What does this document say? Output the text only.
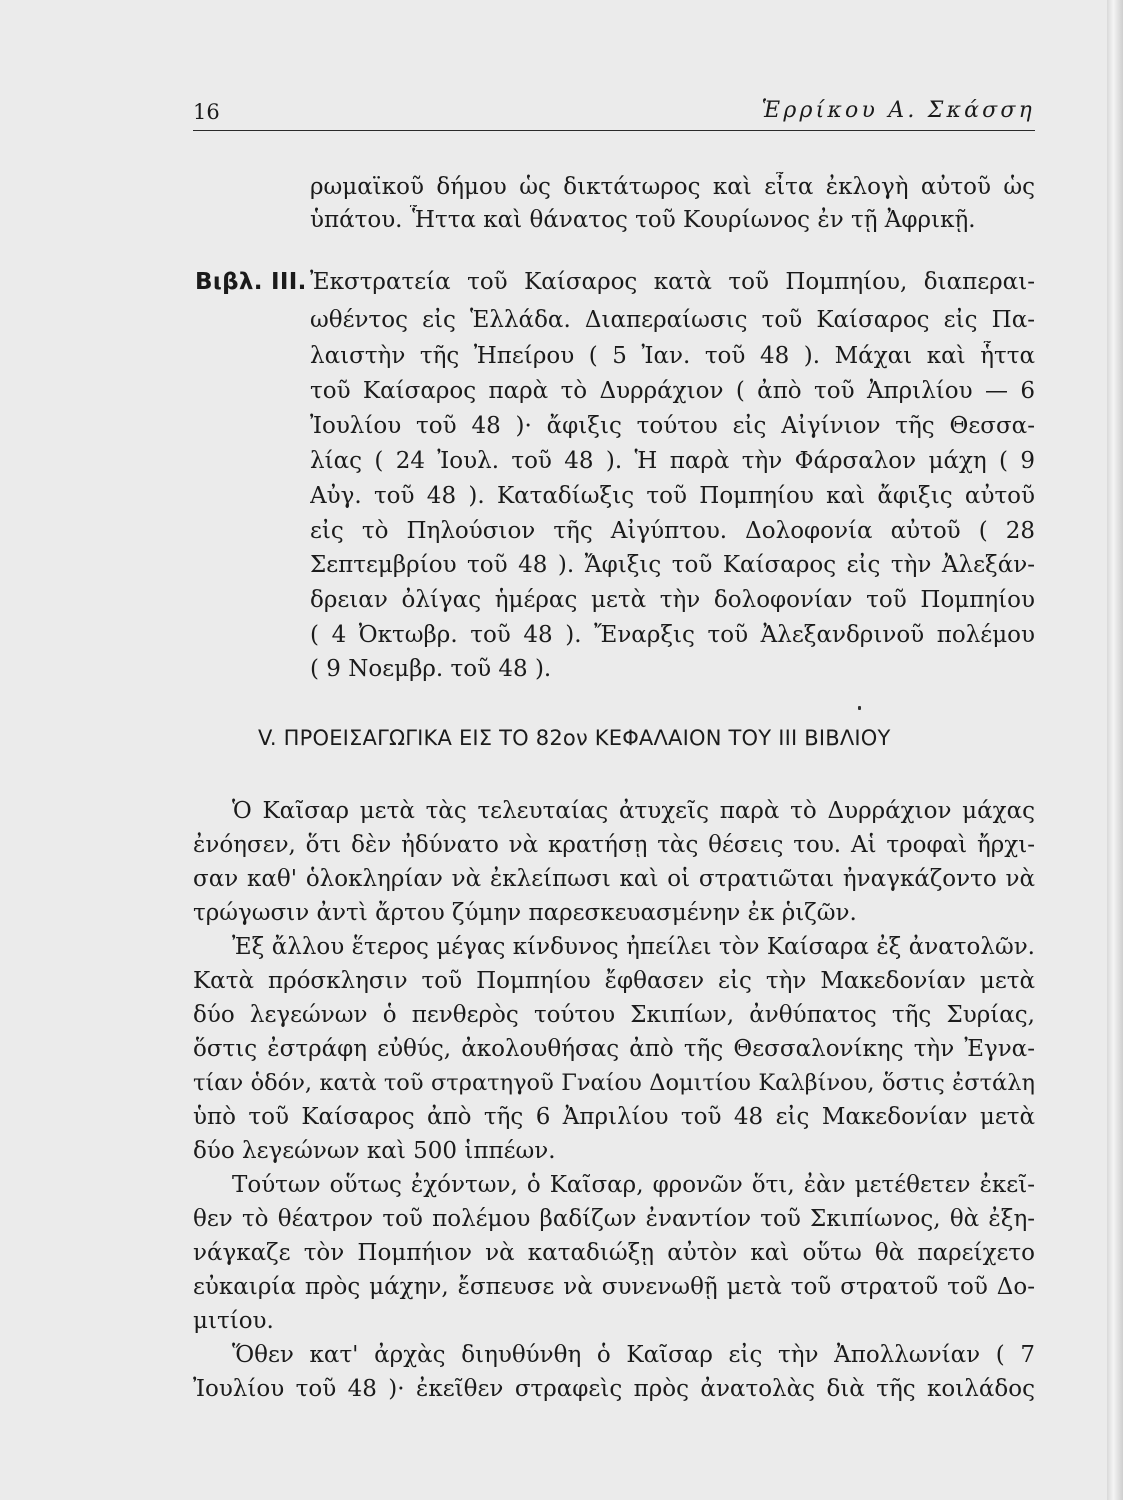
16	Ἑρρίκου Α. Σκάσση
ρωμαϊκοῦ δήμου ὡς δικτάτωρος καὶ εἶτα ἐκλογὴ αὐτοῦ ὡς
ὑπάτου. Ἧττα καὶ θάνατος τοῦ Κουρίωνος ἐν τῇ Ἀφρικῇ.
Βιβλ. III. Ἐκστρατεία τοῦ Καίσαρος κατὰ τοῦ Πομπηίου, διαπεραι-
ωθέντος εἰς Ἑλλάδα. Διαπεραίωσις τοῦ Καίσαρος εἰς Πα-
λαιστὴν τῆς Ἠπείρου ( 5 Ἰαν. τοῦ 48 ). Μάχαι καὶ ἧττα
τοῦ Καίσαρος παρὰ τὸ Δυρράχιον ( ἀπὸ τοῦ Ἀπριλίου — 6
Ἰουλίου τοῦ 48 )· ἄφιξις τούτου εἰς Αἰγίνιον τῆς Θεσσα-
λίας ( 24 Ἰουλ. τοῦ 48 ). Ἡ παρὰ τὴν Φάρσαλον μάχη ( 9
Αὐγ. τοῦ 48 ). Καταδίωξις τοῦ Πομπηίου καὶ ἄφιξις αὐτοῦ
εἰς τὸ Πηλούσιον τῆς Αἰγύπτου. Δολοφονία αὐτοῦ ( 28
Σεπτεμβρίου τοῦ 48 ). Ἄφιξις τοῦ Καίσαρος εἰς τὴν Ἀλεξάν-
δρειαν ὀλίγας ἡμέρας μετὰ τὴν δολοφονίαν τοῦ Πομπηίου
( 4 Ὀκτωβρ. τοῦ 48 ). Ἔναρξις τοῦ Ἀλεξανδρινοῦ πολέμου
( 9 Νοεμβρ. τοῦ 48 ).
V. ΠΡΟΕΙΣΑΓΩΓΙΚΑ ΕΙΣ ΤΟ 82ον ΚΕΦΑΛΑΙΟΝ ΤΟΥ III ΒΙΒΛΙΟΥ
Ὁ Καῖσαρ μετὰ τὰς τελευταίας ἀτυχεῖς παρὰ τὸ Δυρράχιον μάχας
ἐνόησεν, ὅτι δὲν ἠδύνατο νὰ κρατήσῃ τὰς θέσεις του. Αἱ τροφαὶ ἤρχι-
σαν καθ' ὁλοκληρίαν νὰ ἐκλείπωσι καὶ οἱ στρατιῶται ἠναγκάζοντο νὰ
τρώγωσιν ἀντὶ ἄρτου ζύμην παρεσκευασμένην ἐκ ῥιζῶν.
Ἐξ ἄλλου ἕτερος μέγας κίνδυνος ἠπείλει τὸν Καίσαρα ἐξ ἀνατολῶν.
Κατὰ πρόσκλησιν τοῦ Πομπηίου ἔφθασεν εἰς τὴν Μακεδονίαν μετὰ
δύο λεγεώνων ὁ πενθερὸς τούτου Σκιπίων, ἀνθύπατος τῆς Συρίας,
ὅστις ἐστράφη εὐθύς, ἀκολουθήσας ἀπὸ τῆς Θεσσαλονίκης τὴν Ἐγνα-
τίαν ὁδόν, κατὰ τοῦ στρατηγοῦ Γναίου Δομιτίου Καλβίνου, ὅστις ἐστάλη
ὑπὸ τοῦ Καίσαρος ἀπὸ τῆς 6 Ἀπριλίου τοῦ 48 εἰς Μακεδονίαν μετὰ
δύο λεγεώνων καὶ 500 ἱππέων.
Τούτων οὕτως ἐχόντων, ὁ Καῖσαρ, φρονῶν ὅτι, ἐὰν μετέθετεν ἐκεῖ-
θεν τὸ θέατρον τοῦ πολέμου βαδίζων ἐναντίον τοῦ Σκιπίωνος, θὰ ἐξη-
νάγκαζε τὸν Πομπήιον νὰ καταδιώξῃ αὐτὸν καὶ οὕτω θὰ παρείχετο
εὐκαιρία πρὸς μάχην, ἔσπευσε νὰ συνενωθῇ μετὰ τοῦ στρατοῦ τοῦ Δο-
μιτίου.
Ὅθεν κατ' ἀρχὰς διηυθύνθη ὁ Καῖσαρ εἰς τὴν Ἀπολλωνίαν ( 7
Ἰουλίου τοῦ 48 )· ἐκεῖθεν στραφεὶς πρὸς ἀνατολὰς διὰ τῆς κοιλάδος
